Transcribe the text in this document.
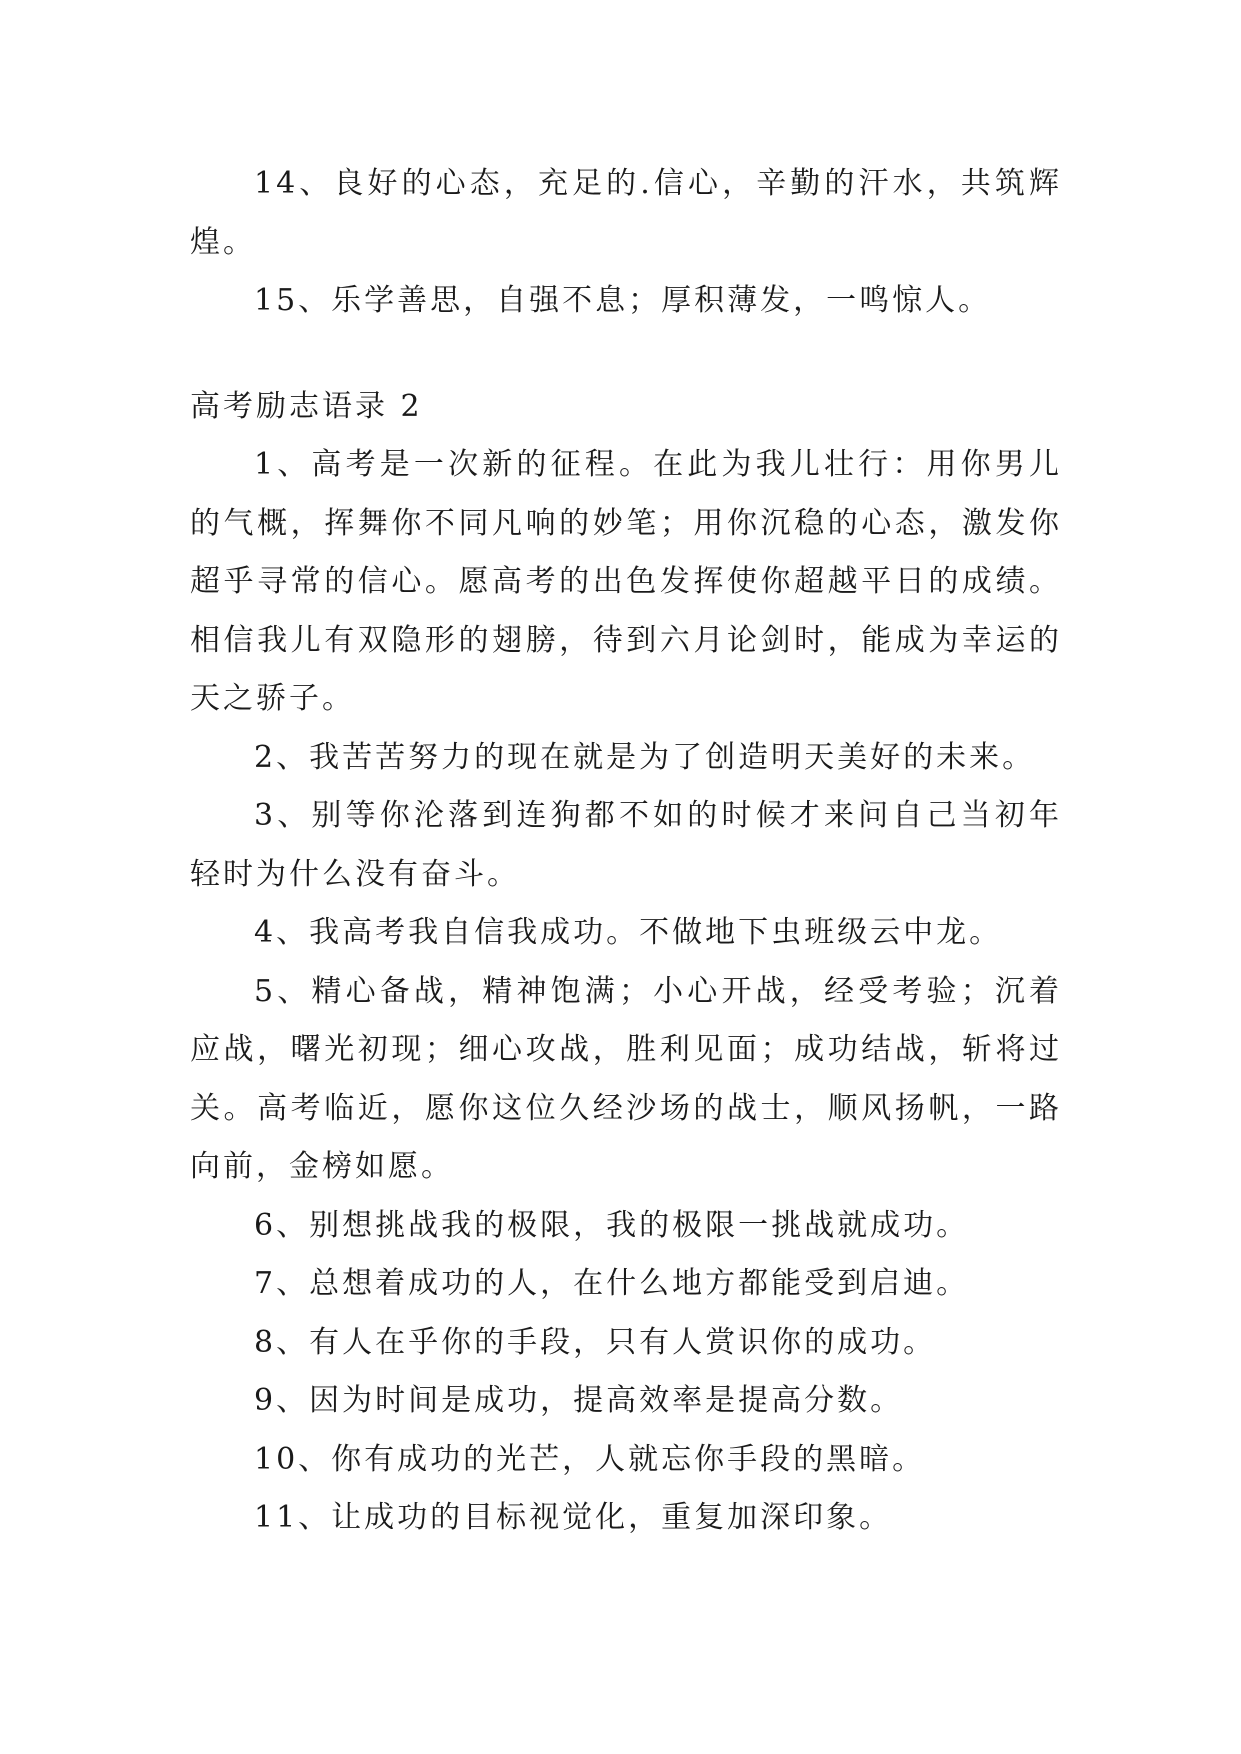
14、良好的心态，充足的.信心，辛勤的汗水，共筑辉煌。

15、乐学善思，自强不息；厚积薄发，一鸣惊人。

高考励志语录 2

1、高考是一次新的征程。在此为我儿壮行：用你男儿的气概，挥舞你不同凡响的妙笔；用你沉稳的心态，激发你超乎寻常的信心。愿高考的出色发挥使你超越平日的成绩。相信我儿有双隐形的翅膀，待到六月论剑时，能成为幸运的天之骄子。

2、我苦苦努力的现在就是为了创造明天美好的未来。

3、别等你沦落到连狗都不如的时候才来问自己当初年轻时为什么没有奋斗。

4、我高考我自信我成功。不做地下虫班级云中龙。

5、精心备战，精神饱满；小心开战，经受考验；沉着应战，曙光初现；细心攻战，胜利见面；成功结战，斩将过关。高考临近，愿你这位久经沙场的战士，顺风扬帆，一路向前，金榜如愿。

6、别想挑战我的极限，我的极限一挑战就成功。

7、总想着成功的人，在什么地方都能受到启迪。

8、有人在乎你的手段，只有人赏识你的成功。

9、因为时间是成功，提高效率是提高分数。

10、你有成功的光芒，人就忘你手段的黑暗。

11、让成功的目标视觉化，重复加深印象。
